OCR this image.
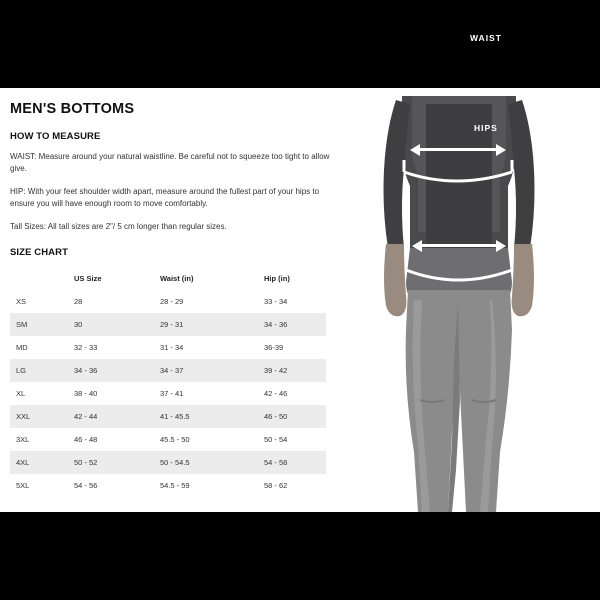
MEN'S BOTTOMS
HOW TO MEASURE

WAIST: Measure around your natural waistline. Be careful not to squeeze too tight to allow give.

HIP: With your feet shoulder width apart, measure around the fullest part of your hips to ensure you will have enough room to move comfortably.

Tall Sizes: All tall sizes are 2"/ 5 cm longer than regular sizes.

SIZE CHART
	US Size	Waist (in)	Hip (in)
XS	28	28 - 29	33 - 34
SM	30	29 - 31	34 - 36
MD	32 - 33	31 - 34	36-39
LG	34 - 36	34 - 37	39 - 42
XL	38 - 40	37 - 41	42 - 46
XXL	42 - 44	41 - 45.5	46 - 50
3XL	46 - 48	45.5 - 50	50 - 54
4XL	50 - 52	50 - 54.5	54 - 58
5XL	54 - 56	54.5 - 59	58 - 62
WAIST
HIPS
